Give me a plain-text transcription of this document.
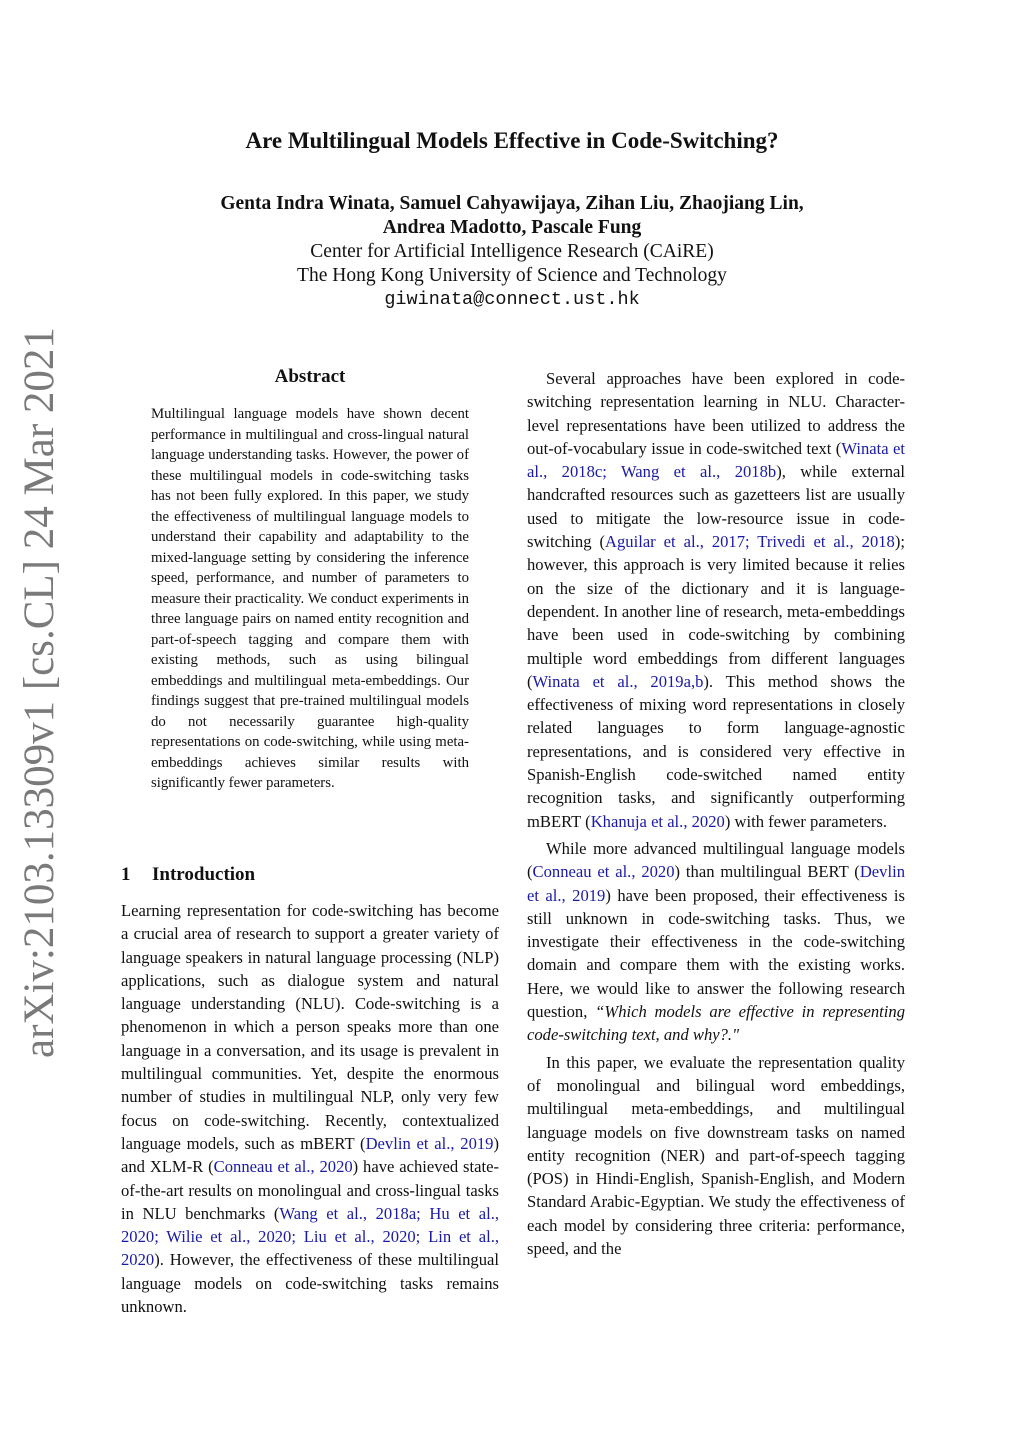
arXiv:2103.13309v1 [cs.CL] 24 Mar 2021
Are Multilingual Models Effective in Code-Switching?
Genta Indra Winata, Samuel Cahyawijaya, Zihan Liu, Zhaojiang Lin,
Andrea Madotto, Pascale Fung
Center for Artificial Intelligence Research (CAiRE)
The Hong Kong University of Science and Technology
giwinata@connect.ust.hk
Abstract

Multilingual language models have shown decent performance in multilingual and cross-lingual natural language understanding tasks. However, the power of these multilingual models in code-switching tasks has not been fully explored. In this paper, we study the effectiveness of multilingual language models to understand their capability and adaptability to the mixed-language setting by considering the inference speed, performance, and number of parameters to measure their practicality. We conduct experiments in three language pairs on named entity recognition and part-of-speech tagging and compare them with existing methods, such as using bilingual embeddings and multilingual meta-embeddings. Our findings suggest that pre-trained multilingual models do not necessarily guarantee high-quality representations on code-switching, while using meta-embeddings achieves similar results with significantly fewer parameters.

1 Introduction

Learning representation for code-switching has become a crucial area of research to support a greater variety of language speakers in natural language processing (NLP) applications, such as dialogue system and natural language understanding (NLU). Code-switching is a phenomenon in which a person speaks more than one language in a conversation, and its usage is prevalent in multilingual communities. Yet, despite the enormous number of studies in multilingual NLP, only very few focus on code-switching. Recently, contextualized language models, such as mBERT (Devlin et al., 2019) and XLM-R (Conneau et al., 2020) have achieved state-of-the-art results on monolingual and cross-lingual tasks in NLU benchmarks (Wang et al., 2018a; Hu et al., 2020; Wilie et al., 2020; Liu et al., 2020; Lin et al., 2020). However, the effectiveness of these multilingual language models on code-switching tasks remains unknown.

Several approaches have been explored in code-switching representation learning in NLU. Character-level representations have been utilized to address the out-of-vocabulary issue in code-switched text (Winata et al., 2018c; Wang et al., 2018b), while external handcrafted resources such as gazetteers list are usually used to mitigate the low-resource issue in code-switching (Aguilar et al., 2017; Trivedi et al., 2018); however, this approach is very limited because it relies on the size of the dictionary and it is language-dependent. In another line of research, meta-embeddings have been used in code-switching by combining multiple word embeddings from different languages (Winata et al., 2019a,b). This method shows the effectiveness of mixing word representations in closely related languages to form language-agnostic representations, and is considered very effective in Spanish-English code-switched named entity recognition tasks, and significantly outperforming mBERT (Khanuja et al., 2020) with fewer parameters.

While more advanced multilingual language models (Conneau et al., 2020) than multilingual BERT (Devlin et al., 2019) have been proposed, their effectiveness is still unknown in code-switching tasks. Thus, we investigate their effectiveness in the code-switching domain and compare them with the existing works. Here, we would like to answer the following research question, “Which models are effective in representing code-switching text, and why?."

In this paper, we evaluate the representation quality of monolingual and bilingual word embeddings, multilingual meta-embeddings, and multilingual language models on five downstream tasks on named entity recognition (NER) and part-of-speech tagging (POS) in Hindi-English, Spanish-English, and Modern Standard Arabic-Egyptian. We study the effectiveness of each model by considering three criteria: performance, speed, and the
